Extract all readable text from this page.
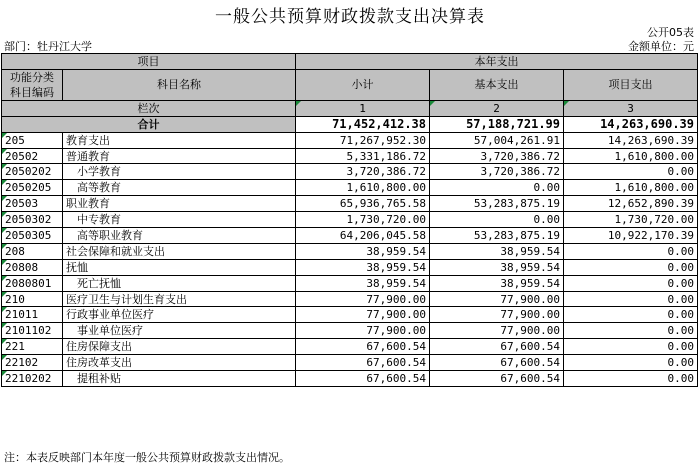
一般公共预算财政拨款支出决算表
公开05表
部门：牡丹江大学	金额单位：元
项目		本年支出		
功能分类科目编码	科目名称	小计	基本支出	项目支出
栏次		1	2	3
合计		71,452,412.38	57,188,721.99	14,263,690.39
205	教育支出	71,267,952.30	57,004,261.91	14,263,690.39
20502	普通教育	5,331,186.72	3,720,386.72	1,610,800.00
2050202	小学教育	3,720,386.72	3,720,386.72	0.00
2050205	高等教育	1,610,800.00	0.00	1,610,800.00
20503	职业教育	65,936,765.58	53,283,875.19	12,652,890.39
2050302	中专教育	1,730,720.00	0.00	1,730,720.00
2050305	高等职业教育	64,206,045.58	53,283,875.19	10,922,170.39
208	社会保障和就业支出	38,959.54	38,959.54	0.00
20808	抚恤	38,959.54	38,959.54	0.00
2080801	死亡抚恤	38,959.54	38,959.54	0.00
210	医疗卫生与计划生育支出	77,900.00	77,900.00	0.00
21011	行政事业单位医疗	77,900.00	77,900.00	0.00
2101102	事业单位医疗	77,900.00	77,900.00	0.00
221	住房保障支出	67,600.54	67,600.54	0.00
22102	住房改革支出	67,600.54	67,600.54	0.00
2210202	提租补贴	67,600.54	67,600.54	0.00
注：本表反映部门本年度一般公共预算财政拨款支出情况。
